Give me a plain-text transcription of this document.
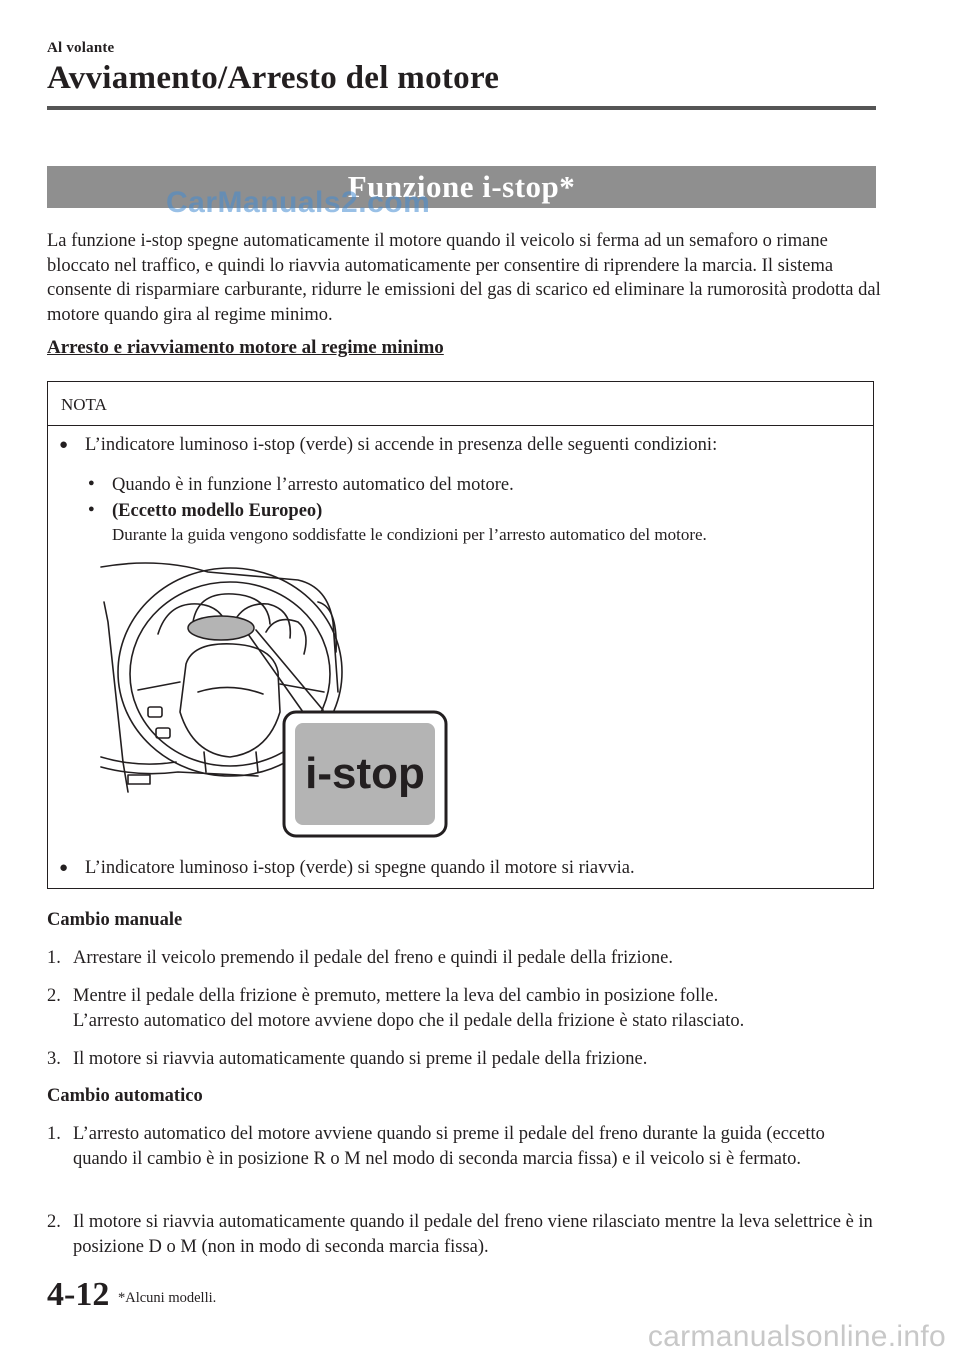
Al volante
Avviamento/Arresto del motore
Funzione i-stop*
CarManuals2.com
La funzione i-stop spegne automaticamente il motore quando il veicolo si ferma ad un semaforo o rimane bloccato nel traffico, e quindi lo riavvia automaticamente per consentire di riprendere la marcia. Il sistema consente di risparmiare carburante, ridurre le emissioni del gas di scarico ed eliminare la rumorosità prodotta dal motore quando gira al regime minimo.
Arresto e riavviamento motore al regime minimo
NOTA
● L’indicatore luminoso i-stop (verde) si accende in presenza delle seguenti condizioni:
● Quando è in funzione l’arresto automatico del motore.
● (Eccetto modello Europeo)
Durante la guida vengono soddisfatte le condizioni per l’arresto automatico del motore.
i-stop
● L’indicatore luminoso i-stop (verde) si spegne quando il motore si riavvia.
Cambio manuale
1. Arrestare il veicolo premendo il pedale del freno e quindi il pedale della frizione.
2. Mentre il pedale della frizione è premuto, mettere la leva del cambio in posizione folle.
L’arresto automatico del motore avviene dopo che il pedale della frizione è stato rilasciato.
3. Il motore si riavvia automaticamente quando si preme il pedale della frizione.
Cambio automatico
1. L’arresto automatico del motore avviene quando si preme il pedale del freno durante la guida (eccetto quando il cambio è in posizione R o M nel modo di seconda marcia fissa) e il veicolo si è fermato.
2. Il motore si riavvia automaticamente quando il pedale del freno viene rilasciato mentre la leva selettrice è in posizione D o M (non in modo di seconda marcia fissa).
4-12 *Alcuni modelli.
carmanualsonline.info
